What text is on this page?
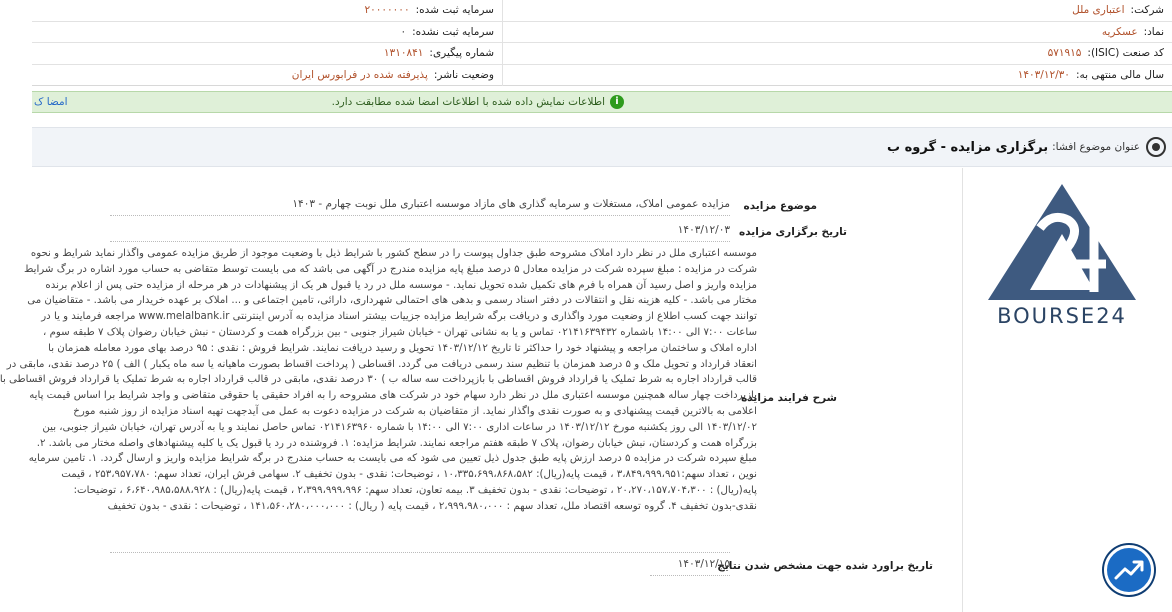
شرکت:
اعتباری ملل
سرمایه ثبت شده:
۲۰۰۰۰۰۰۰
نماد:
عسکریه
سرمایه ثبت نشده:
۰
کد صنعت (ISIC):
۵۷۱۹۱۵
شماره پیگیری:
۱۳۱۰۸۴۱
سال مالی منتهی به:
۱۴۰۳/۱۲/۳۰
وضعیت ناشر:
پذیرفته شده در فرابورس ایران
i
اطلاعات نمایش داده شده با اطلاعات امضا شده مطابقت دارد.
امضا ک
عنوان موضوع افشا:
برگزاری مزایده - گروه ب
موضوع مزایده
مزایده عمومی املاک، مستغلات و سرمایه گذاری های مازاد موسسه اعتباری ملل نوبت چهارم - ۱۴۰۳
تاریخ برگزاری مزایده
۱۴۰۳/۱۲/۰۳
شرح فرایند مزایده
موسسه اعتباری ملل در نظر دارد املاک مشروحه طبق جداول پیوست را در سطح کشور با شرایط ذیل با وضعیت موجود از طریق مزایده عمومی واگذار نماید شرایط و نحوه
شرکت در مزایده : مبلغ سپرده شرکت در مزایده معادل ۵ درصد مبلغ پایه مزایده مندرج در آگهی می باشد که می بایست توسط متقاضی به حساب مورد اشاره در برگ شرایط
مزایده واریز و اصل رسید آن همراه با فرم های تکمیل شده تحویل نماید. - موسسه ملل در رد یا قبول هر یک از پیشنهادات در هر مرحله از مزایده حتی پس از اعلام برنده
مختار می باشد. - کلیه هزینه نقل و انتقالات در دفتر اسناد رسمی و بدهی های احتمالی شهرداری، دارائی، تامین اجتماعی و ... املاک بر عهده خریدار می باشد. - متقاضیان می
توانند جهت کسب اطلاع از وضعیت مورد واگذاری و دریافت برگه شرایط مزایده جزییات بیشتر اسناد مزایده به آدرس اینترنتی www.melalbank.ir مراجعه فرمایند و یا در
ساعات ۷:۰۰ الی ۱۴:۰۰ باشماره ۰۲۱۴۱۶۳۹۴۳۲ تماس و یا به نشانی تهران - خیابان شیراز جنوبی - بین بزرگراه همت و کردستان - نبش خیابان رضوان پلاک ۷ طبقه سوم ،
اداره املاک و ساختمان مراجعه و پیشنهاد خود را حداکثر تا تاریخ ۱۴۰۳/۱۲/۱۲ تحویل و رسید دریافت نمایند. شرایط فروش : نقدی : ۹۵ درصد بهای مورد معامله همزمان با
انعقاد قرارداد و تحویل ملک و ۵ درصد همزمان با تنظیم سند رسمی دریافت می گردد. اقساطی ( پرداخت اقساط بصورت ماهیانه یا سه ماه یکبار ) الف ) ۲۵ درصد نقدی، مابقی در
قالب قرارداد اجاره به شرط تملیک یا قرارداد فروش اقساطی با بازپرداخت سه ساله ب ) ۳۰ درصد نقدی، مابقی در قالب قرارداد اجاره به شرط تملیک یا قرارداد فروش اقساطی با
بازپرداخت چهار ساله همچنین موسسه اعتباری ملل در نظر دارد سهام خود در شرکت های مشروحه را به افراد حقیقی یا حقوقی متقاضی و واجد شرایط برا اساس قیمت پایه
اعلامی به بالاترین قیمت پیشنهادی و به صورت نقدی واگذار نماید. از متقاضیان به شرکت در مزایده دعوت به عمل می آیدجهت تهیه اسناد مزایده از روز شنبه مورخ
۱۴۰۳/۱۲/۰۲ الی روز یکشنبه مورخ ۱۴۰۳/۱۲/۱۲ در ساعات اداری ۷:۰۰ الی ۱۴:۰۰ با شماره ۰۲۱۴۱۶۳۹۶۰ تماس حاصل نمایند و یا به آدرس تهران، خیابان شیراز جنوبی، بین
بزرگراه همت و کردستان، نبش خیابان رضوان، پلاک ۷ طبقه هفتم مراجعه نمایند. شرایط مزایده: ۱. فروشنده در رد یا قبول یک یا کلیه پیشنهادهای واصله مختار می باشد. ۲.
مبلغ سپرده شرکت در مزایده ۵ درصد ارزش پایه طبق جدول ذیل تعیین می شود که می بایست به حساب مندرج در برگه شرایط مزایده واریز و ارسال گردد. ۱. تامین سرمایه
نوین ، تعداد سهم:۳،۸۴۹،۹۹۹،۹۵۱ ، قیمت پایه(ریال): ۱۰،۳۳۵،۶۹۹،۸۶۸،۵۸۲ ، توضیحات: نقدی - بدون تخفیف ۲. سهامی فرش ایران، تعداد سهم: ۲۵۳،۹۵۷،۷۸۰ ، قیمت
پایه(ریال) : ۲۰،۲۷۰،۱۵۷،۷۰۴،۳۰۰ ، توضیحات: نقدی - بدون تخفیف ۳. بیمه تعاون، تعداد سهم: ۲،۳۹۹،۹۹۹،۹۹۶ ، قیمت پایه(ریال) : ۶،۶۴۰،۹۸۵،۵۸۸،۹۲۸ ، توضیحات:
نقدی-بدون تخفیف ۴. گروه توسعه اقتصاد ملل، تعداد سهم : ۲،۹۹۹،۹۸۰،۰۰۰ ، قیمت پایه ( ریال) : ۱۴۱،۵۶۰،۲۸۰،۰۰۰،۰۰۰ ، توضیحات : نقدی - بدون تخفیف
تاریخ براورد شده جهت مشخص شدن نتایج
۱۴۰۳/۱۲/۱۵
BOURSE24
